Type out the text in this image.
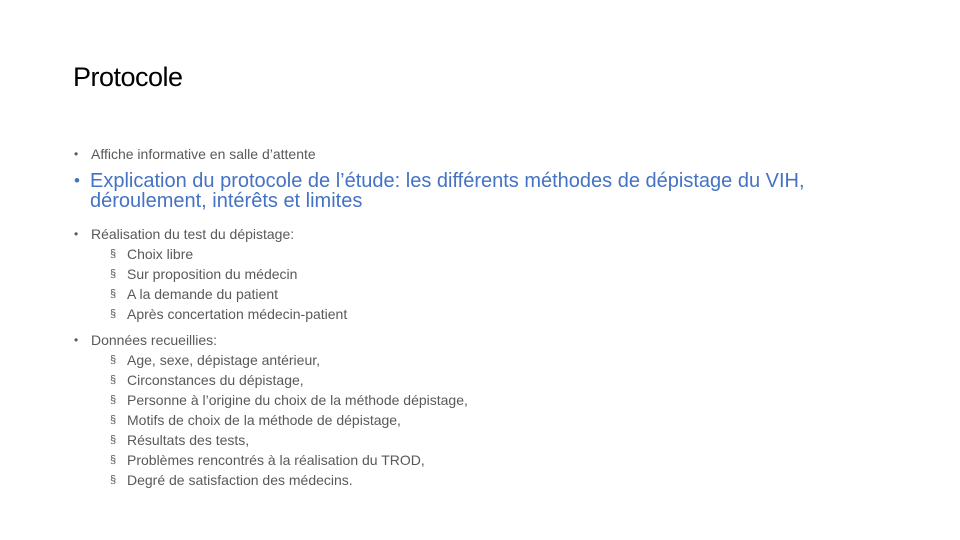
Protocole
• Affiche informative en salle d’attente
• Explication du protocole de l’étude: les différents méthodes de dépistage du VIH, déroulement, intérêts et limites
• Réalisation du test du dépistage:
§ Choix libre
§ Sur proposition du médecin
§ A la demande du patient
§ Après concertation médecin-patient
• Données recueillies:
§ Age, sexe, dépistage antérieur,
§ Circonstances du dépistage,
§ Personne à l’origine du choix de la méthode dépistage,
§ Motifs de choix de la méthode de dépistage,
§ Résultats des tests,
§ Problèmes rencontrés à la réalisation du TROD,
§ Degré de satisfaction des médecins.
